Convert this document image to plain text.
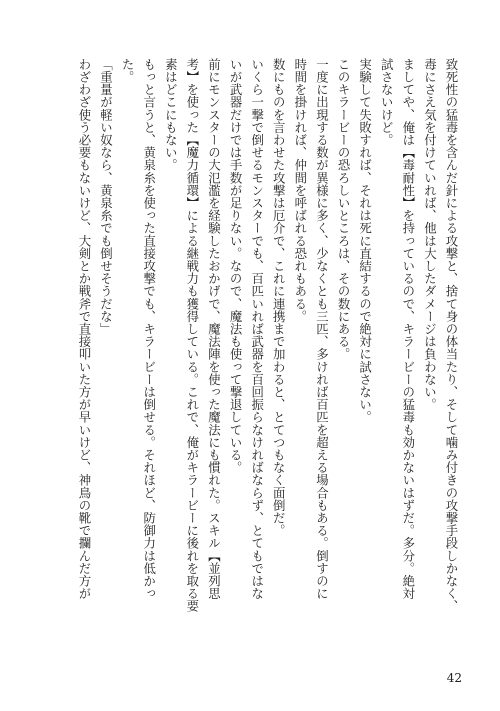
致死性の猛毒を含んだ針による攻撃と、捨て身の体当たり、そして噛み付きの攻撃手段しかなく、
毒にさえ気を付けていれば、他は大したダメージは負わない。
ましてや、俺は【毒耐性】を持っているので、キラービーの猛毒も効かないはずだ。多分。絶対
試さないけど。
実験して失敗すれば、それは死に直結するので絶対に試さない。
このキラービーの恐ろしいところは、その数にある。
一度に出現する数が異様に多く、少なくとも三匹、多ければ百匹を超える場合もある。倒すのに
時間を掛ければ、仲間を呼ばれる恐れもある。
数にものを言わせた攻撃は厄介で、これに連携まで加わると、とてつもなく面倒だ。
いくら一撃で倒せるモンスターでも、百匹いれば武器を百回振らなければならず、とてもではな
いが武器だけでは手数が足りない。なので、魔法も使って撃退している。
前にモンスターの大氾濫を経験したおかげで、魔法陣を使った魔法にも慣れた。スキル【並列思
考】を使った【魔力循環】による継戦力も獲得している。これで、俺がキラービーに後れを取る要
素はどこにもない。
もっと言うと、黄泉糸を使った直接攻撃でも、キラービーは倒せる。それほど、防御力は低かっ
た。
「重量が軽い奴なら、黄泉糸でも倒せそうだな」
わざわざ使う必要もないけど、大剣とか戦斧で直接叩いた方が早いけど、神鳥の靴で攔んだ方が
42
